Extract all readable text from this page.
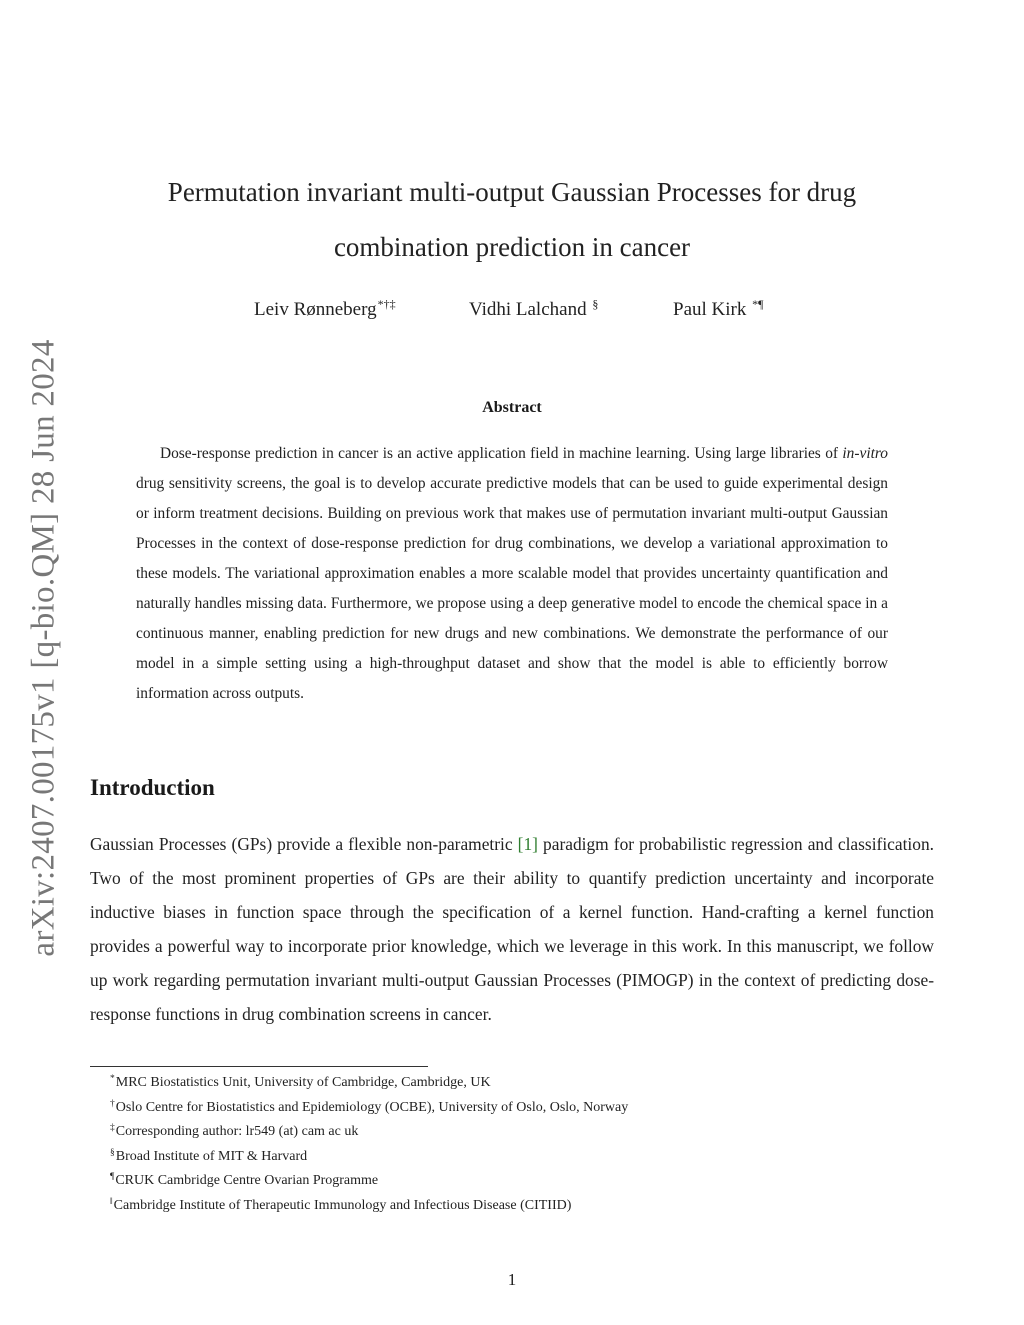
arXiv:2407.00175v1 [q-bio.QM] 28 Jun 2024
Permutation invariant multi-output Gaussian Processes for drug
combination prediction in cancer
Leiv Rønneberg*†‡	Vidhi Lalchand §	Paul Kirk *¶
Abstract

Dose-response prediction in cancer is an active application field in machine learning. Using large libraries of in-vitro drug sensitivity screens, the goal is to develop accurate predictive models that can be used to guide experimental design or inform treatment decisions. Building on previous work that makes use of permutation invariant multi-output Gaussian Processes in the context of dose-response prediction for drug combinations, we develop a variational approximation to these models. The variational approximation enables a more scalable model that provides uncertainty quantification and naturally handles missing data. Furthermore, we propose using a deep generative model to encode the chemical space in a continuous manner, enabling prediction for new drugs and new combinations. We demonstrate the performance of our model in a simple setting using a high-throughput dataset and show that the model is able to efficiently borrow information across outputs.

Introduction

Gaussian Processes (GPs) provide a flexible non-parametric [1] paradigm for probabilistic regression and classification. Two of the most prominent properties of GPs are their ability to quantify prediction uncertainty and incorporate inductive biases in function space through the specification of a kernel function. Hand-crafting a kernel function provides a powerful way to incorporate prior knowledge, which we leverage in this work. In this manuscript, we follow up work regarding permutation invariant multi-output Gaussian Processes (PIMOGP) in the context of predicting dose-response functions in drug combination screens in cancer.

*MRC Biostatistics Unit, University of Cambridge, Cambridge, UK
†Oslo Centre for Biostatistics and Epidemiology (OCBE), University of Oslo, Oslo, Norway
‡Corresponding author: lr549 (at) cam ac uk
§Broad Institute of MIT & Harvard
¶CRUK Cambridge Centre Ovarian Programme
‖Cambridge Institute of Therapeutic Immunology and Infectious Disease (CITIID)
1
